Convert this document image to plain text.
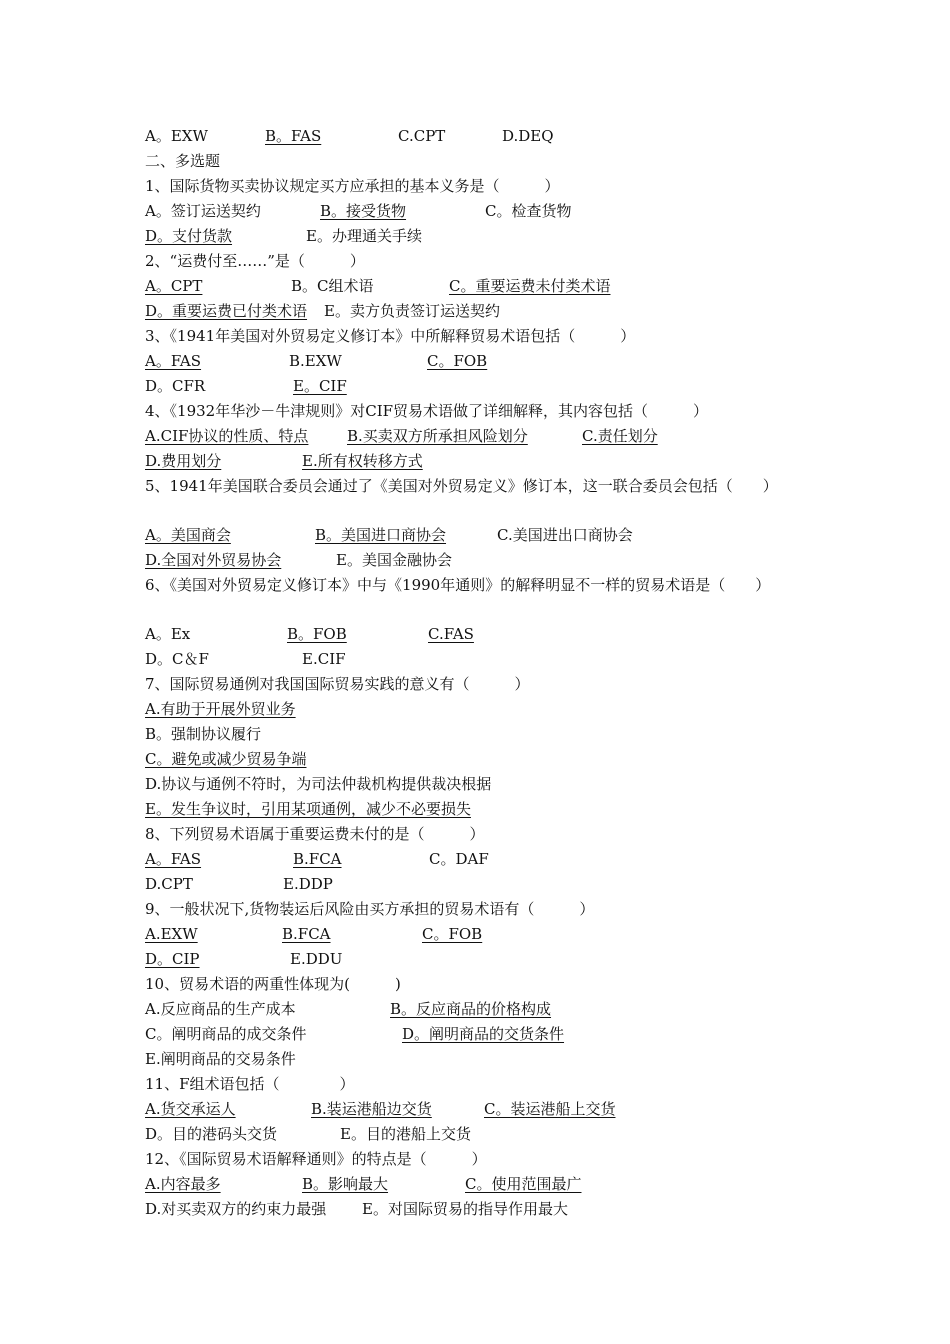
A。EXW	B。FAS	C.CPT	D.DEQ
二、多选题
1、国际货物买卖协议规定买方应承担的基本义务是（　　　）
A。签订运送契约	B。接受货物	C。检查货物
D。支付货款	E。办理通关手续
2、“运费付至……”是（　　　）
A。CPT	B。C组术语	C。重要运费未付类术语
D。重要运费已付类术语 E。卖方负责签订运送契约
3、《1941年美国对外贸易定义修订本》中所解释贸易术语包括（　　　）
A。FAS	B.EXW	C。FOB
D。CFR	E。CIF
4、《1932年华沙－牛津规则》对CIF贸易术语做了详细解释，其内容包括（　　　）
A.CIF协议的性质、特点	B.买卖双方所承担风险划分	C.责任划分
D.费用划分	E.所有权转移方式
5、1941年美国联合委员会通过了《美国对外贸易定义》修订本，这一联合委员会包括（　　）
A。美国商会	B。美国进口商协会	C.美国进出口商协会
D.全国对外贸易协会	E。美国金融协会
6、《美国对外贸易定义修订本》中与《1990年通则》的解释明显不一样的贸易术语是（　　）
A。Ex	B。FOB	C.FAS
D。C＆F	E.CIF
7、国际贸易通例对我国国际贸易实践的意义有（　　　）
A.有助于开展外贸业务
B。强制协议履行
C。避免或减少贸易争端
D.协议与通例不符时，为司法仲裁机构提供裁决根据
E。发生争议时，引用某项通例，减少不必要损失
8、下列贸易术语属于重要运费未付的是（　　　）
A。FAS	B.FCA	C。DAF
D.CPT	E.DDP
9、一般状况下,货物装运后风险由买方承担的贸易术语有（　　　）
A.EXW	B.FCA	C。FOB
D。CIP	E.DDU
10、贸易术语的两重性体现为(　　　)
A.反应商品的生产成本	B。反应商品的价格构成
C。阐明商品的成交条件	D。阐明商品的交货条件
E.阐明商品的交易条件
11、F组术语包括（　　　　）
A.货交承运人	B.装运港船边交货	C。装运港船上交货
D。目的港码头交货	E。目的港船上交货
12、《国际贸易术语解释通则》的特点是（　　　）
A.内容最多	B。影响最大	C。使用范围最广
D.对买卖双方的约束力最强 E。对国际贸易的指导作用最大
